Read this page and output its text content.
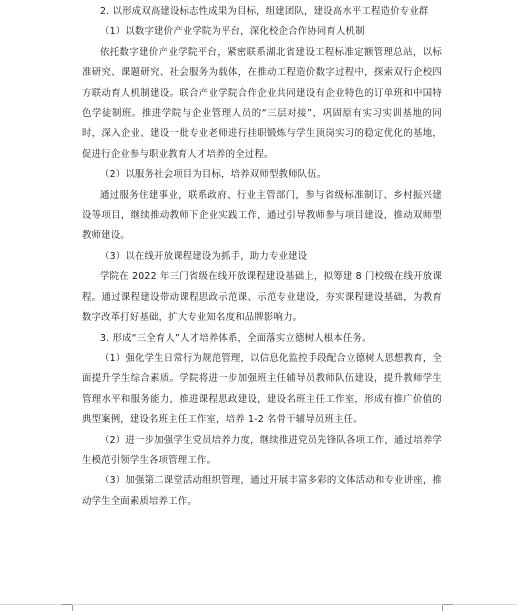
2. 以形成双高建设标志性成果为目标，组建团队，建设高水平工程造价专业群

（1）以数字建价产业学院为平台，深化校企合作协同育人机制

依托数字建价产业学院平台，紧密联系湖北省建设工程标准定额管理总站，以标准研究、课题研究、社会服务为载体，在推动工程造价数字过程中，探索双行企校四方联动育人机制建设。联合产业学院合作企业共同建设有企业特色的订单班和中国特色学徒制班。推进学院与企业管理人员的“三层对接”，巩固原有实习实训基地的同时，深入企业、建设一批专业老师进行挂职锻炼与学生顶岗实习的稳定优化的基地，促进行企业参与职业教育人才培养的全过程。

（2）以服务社会项目为目标，培养双师型教师队伍。

通过服务住建事业，联系政府、行业主管部门，参与省级标准制订、乡村振兴建设等项目，继续推动教师下企业实践工作，通过引导教师参与项目建设，推动双师型教师建设。

（3）以在线开放课程建设为抓手，助力专业建设

学院在 2022 年三门省级在线开放课程建设基础上，拟筹建 8 门校级在线开放课程。通过课程建设带动课程思政示范课、示范专业建设，夯实课程建设基础，为教育数字改革打好基础，扩大专业知名度和品牌影响力。

3. 形成“三全育人”人才培养体系，全面落实立德树人根本任务。

（1）强化学生日常行为规范管理，以信息化监控手段配合立德树人思想教育，全面提升学生综合素质。学院将进一步加强班主任辅导员教师队伍建设，提升教师学生管理水平和服务能力，推进课程思政建设，建设名班主任工作室，形成有推广价值的典型案例，建设名班主任工作室，培养 1-2 名骨干辅导员班主任。

（2）进一步加强学生党员培养力度，继续推进党员先锋队各项工作，通过培养学生模范引领学生各项管理工作。

（3）加强第二课堂活动组织管理，通过开展丰富多彩的文体活动和专业讲座，推动学生全面素质培养工作。
